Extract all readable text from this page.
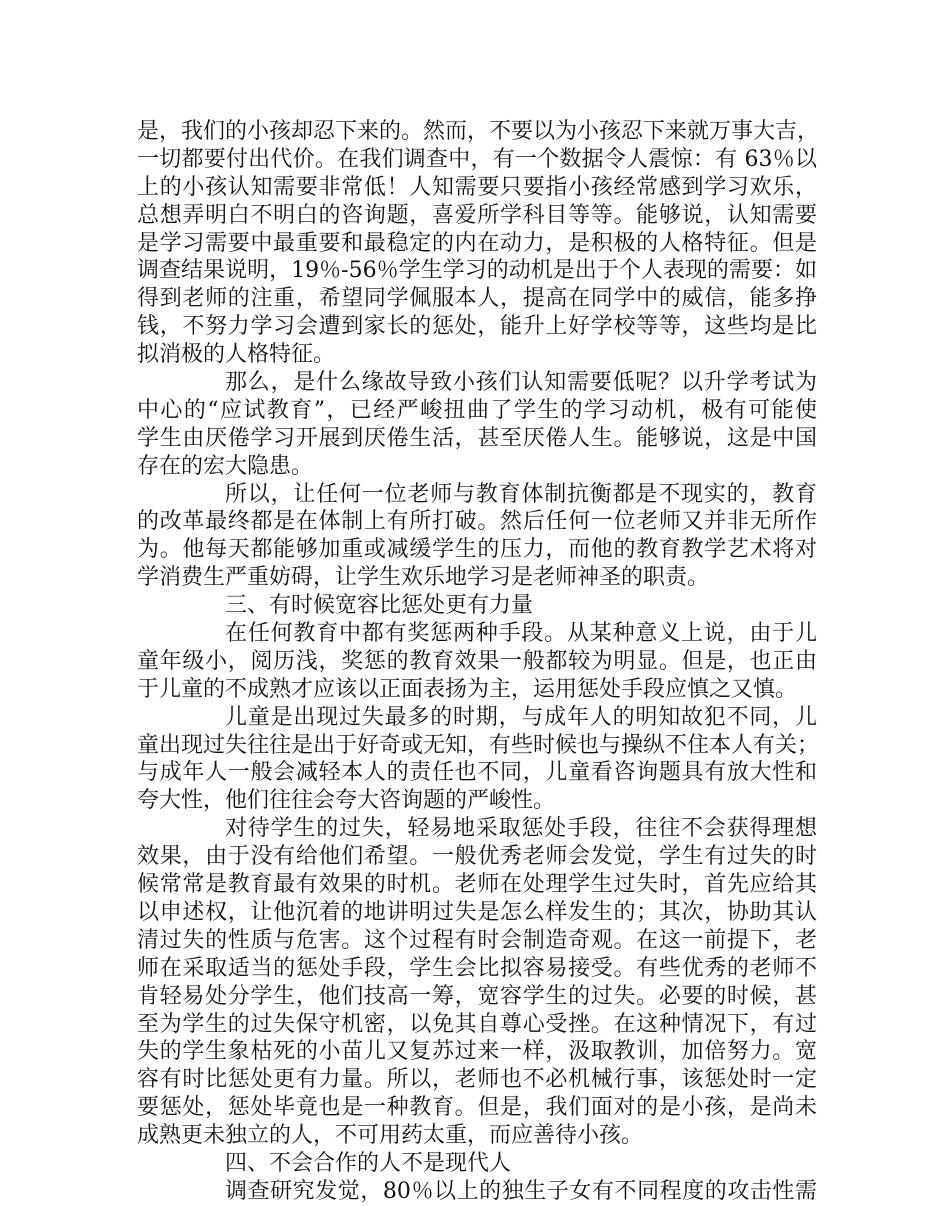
是，我们的小孩却忍下来的。然而，不要以为小孩忍下来就万事大吉，
一切都要付出代价。在我们调查中，有一个数据令人震惊：有 63％以
上的小孩认知需要非常低！人知需要只要指小孩经常感到学习欢乐，
总想弄明白不明白的咨询题，喜爱所学科目等等。能够说，认知需要
是学习需要中最重要和最稳定的内在动力，是积极的人格特征。但是
调查结果说明，19％-56％学生学习的动机是出于个人表现的需要：如
得到老师的注重，希望同学佩服本人，提高在同学中的威信，能多挣
钱，不努力学习会遭到家长的惩处，能升上好学校等等，这些均是比
拟消极的人格特征。
那么，是什么缘故导致小孩们认知需要低呢？以升学考试为
中心的“应试教育”，已经严峻扭曲了学生的学习动机，极有可能使
学生由厌倦学习开展到厌倦生活，甚至厌倦人生。能够说，这是中国
存在的宏大隐患。
所以，让任何一位老师与教育体制抗衡都是不现实的，教育
的改革最终都是在体制上有所打破。然后任何一位老师又并非无所作
为。他每天都能够加重或减缓学生的压力，而他的教育教学艺术将对
学消费生严重妨碍，让学生欢乐地学习是老师神圣的职责。
三、有时候宽容比惩处更有力量
在任何教育中都有奖惩两种手段。从某种意义上说，由于儿
童年级小，阅历浅，奖惩的教育效果一般都较为明显。但是，也正由
于儿童的不成熟才应该以正面表扬为主，运用惩处手段应慎之又慎。
儿童是出现过失最多的时期，与成年人的明知故犯不同，儿
童出现过失往往是出于好奇或无知，有些时候也与操纵不住本人有关；
与成年人一般会减轻本人的责任也不同，儿童看咨询题具有放大性和
夸大性，他们往往会夸大咨询题的严峻性。
对待学生的过失，轻易地采取惩处手段，往往不会获得理想
效果，由于没有给他们希望。一般优秀老师会发觉，学生有过失的时
候常常是教育最有效果的时机。老师在处理学生过失时，首先应给其
以申述权，让他沉着的地讲明过失是怎么样发生的；其次，协助其认
清过失的性质与危害。这个过程有时会制造奇观。在这一前提下，老
师在采取适当的惩处手段，学生会比拟容易接受。有些优秀的老师不
肯轻易处分学生，他们技高一筹，宽容学生的过失。必要的时候，甚
至为学生的过失保守机密，以免其自尊心受挫。在这种情况下，有过
失的学生象枯死的小苗儿又复苏过来一样，汲取教训，加倍努力。宽
容有时比惩处更有力量。所以，老师也不必机械行事，该惩处时一定
要惩处，惩处毕竟也是一种教育。但是，我们面对的是小孩，是尚未
成熟更未独立的人，不可用药太重，而应善待小孩。
四、不会合作的人不是现代人
调查研究发觉，80％以上的独生子女有不同程度的攻击性需
